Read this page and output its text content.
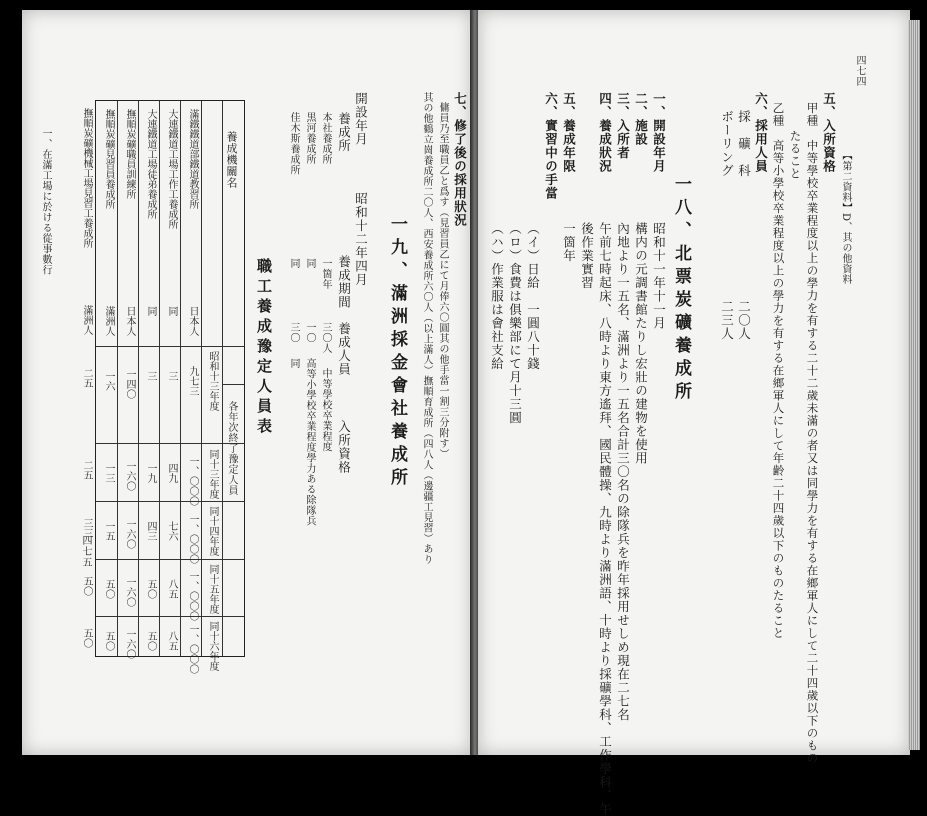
四七四
【第二資料】D、其の他資料
五、入所資格
甲種　中等學校卒業程度以上の學力を有する二十二歲未滿の者又は同學力を有する在鄉軍人にして二十四歲以下のもの
たること
乙種　高等小學校卒業程度以上の學力を有する在鄉軍人にして年齢二十四歲以下のものたること
六、採用人員
採　礦　科
二〇人
ボーリング
二三人
一八、北票炭礦養成所
一、開設年月
昭和十一年十一月
二、施設
構内の元調書館たりし宏壯の建物を使用
三、入所者
內地より一五名、滿洲より一五名合計三〇名の除隊兵を昨年採用せしめ現在二七名
四、養成狀況
午前七時起床、八時より東方遙拜、國民體操、九時より滿洲語、十時より採礦學科、工作學科、午
後作業實習
五、養成年限
一箇年
六、實習中の手當
（イ）日給　一圓八十錢
（ロ）食費は俱樂部にて月十三圓
（ハ）作業服は會社支給
七、修了後の採用狀況
傭員乃至職員乙と爲す（見習員乙にて月俸六〇圓其の他手當一割三分附す）
其の他鶴立崗養成所二〇人、西安養成所六〇人（以上滿人）撫順育成所（四八人（邊疆工見習）あり
一九、滿洲採金會社養成所
開設年月
昭和十二年四月
養成所
養成期間
養成人員
入所資格
本社養成所
一箇年
三〇人
中等學校卒業程度
黒河養成所
同
一〇
高等小學校卒業程度學力ある除隊兵
佳木斯養成所
同
三〇
同
職工養成豫定人員表
養成機關名
各年次終了豫定人員
昭和十三年度
同十三年度
同十四年度
同十五年度
同十六年度
滿鐵鐵道部鐵道教習所
日本人
九七三
一、〇〇〇
一、〇〇〇
一、〇〇〇
一、〇〇〇
大連鐵道工場工作工養成所
同
三
四九
七六
八五
八五
大連鐵道工場徒弟養成所
同
三
一九
四三
五〇
五〇
撫順炭礦職員訓練所
日本人
一四〇
一六〇
一六〇
一六〇
一六〇
撫順炭礦見習員養成所
滿洲人
一六
一三
一五
五〇
五〇
撫順炭礦機械工場見習工養成所
滿洲人
二五
二五
三三
五〇
五〇
四七五
一、在滿工場に於ける從事數行
